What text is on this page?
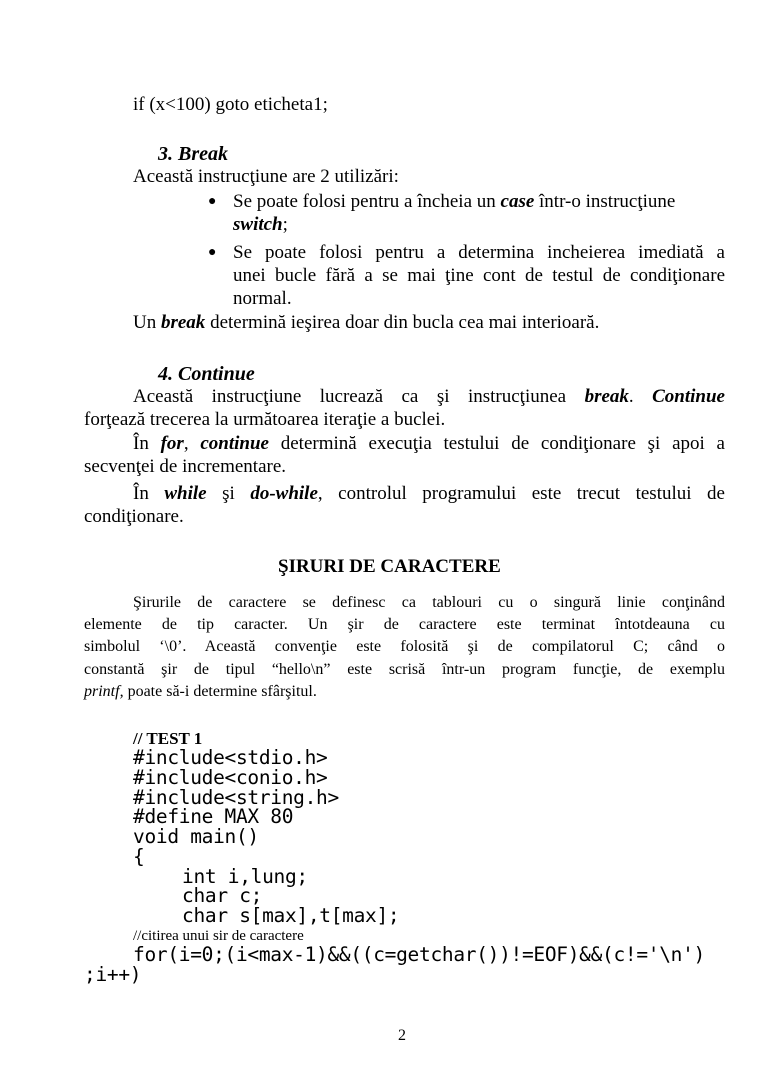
if (x<100) goto eticheta1;
3. Break
Această instrucţiune are 2 utilizări:
● Se poate folosi pentru a încheia un case într-o instrucţiune
switch;
● Se poate folosi pentru a determina incheierea imediată a
unei bucle fără a se mai ţine cont de testul de condiţionare
normal.
Un break determină ieşirea doar din bucla cea mai interioară.
4. Continue
Această instrucţiune lucrează ca şi instrucţiunea break. Continue
forţează trecerea la următoarea iteraţie a buclei.
În for, continue determină execuţia testului de condiţionare şi apoi a
secvenţei de incrementare.
În while şi do-while, controlul programului este trecut testului de
condiţionare.
ŞIRURI DE CARACTERE
Şirurile de caractere se definesc ca tablouri cu o singură linie conţinând
elemente de tip caracter. Un şir de caractere este terminat întotdeauna cu
simbolul ‘\0’. Această convenţie este folosită şi de compilatorul C; când o
constantă şir de tipul “hello\n” este scrisă într-un program funcţie, de exemplu
printf, poate să-i determine sfârşitul.
// TEST 1
#include<stdio.h>
#include<conio.h>
#include<string.h>
#define MAX 80
void main()
{
int i,lung;
char c;
char s[max],t[max];
//citirea unui sir de caractere
for(i=0;(i<max-1)&&((c=getchar())!=EOF)&&(c!='\n')
;i++)
2
